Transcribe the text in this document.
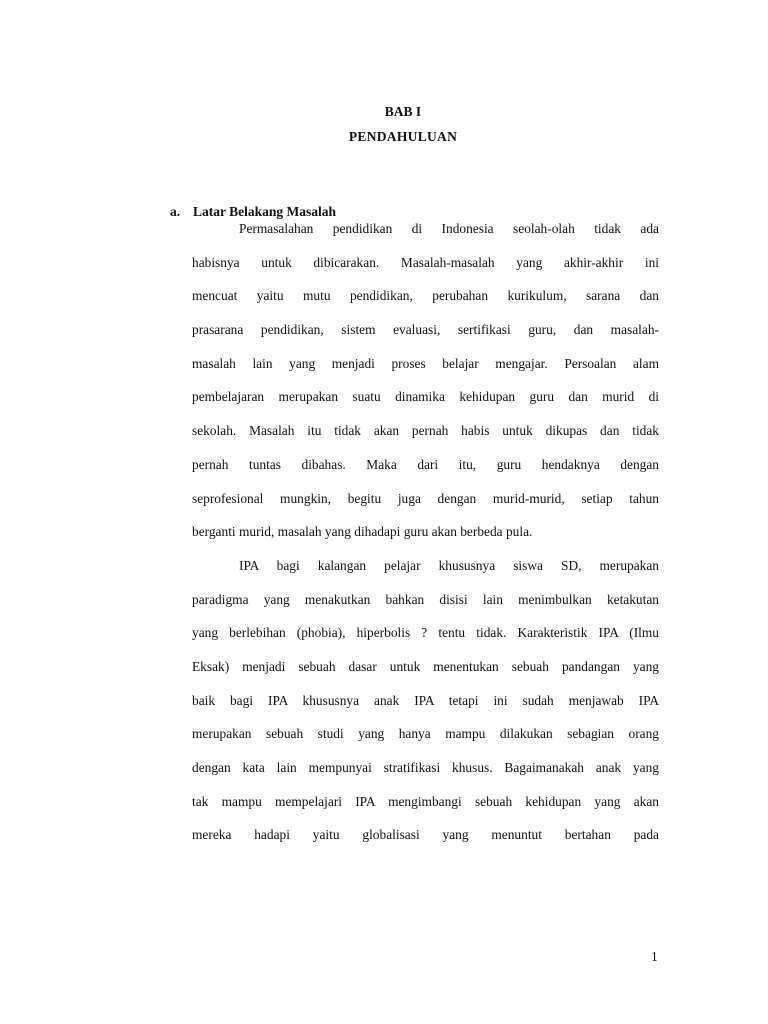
BAB I
PENDAHULUAN
a. Latar Belakang Masalah
Permasalahan pendidikan di Indonesia seolah-olah tidak ada
habisnya untuk dibicarakan. Masalah-masalah yang akhir-akhir ini
mencuat yaitu mutu pendidikan, perubahan kurikulum, sarana dan
prasarana pendidikan, sistem evaluasi, sertifikasi guru, dan masalah-
masalah lain yang menjadi proses belajar mengajar. Persoalan alam
pembelajaran merupakan suatu dinamika kehidupan guru dan murid di
sekolah. Masalah itu tidak akan pernah habis untuk dikupas dan tidak
pernah tuntas dibahas. Maka dari itu, guru hendaknya dengan
seprofesional mungkin, begitu juga dengan murid-murid, setiap tahun
berganti murid, masalah yang dihadapi guru akan berbeda pula.
IPA bagi kalangan pelajar khususnya siswa SD, merupakan
paradigma yang menakutkan bahkan disisi lain menimbulkan ketakutan
yang berlebihan (phobia), hiperbolis ? tentu tidak. Karakteristik IPA (Ilmu
Eksak) menjadi sebuah dasar untuk menentukan sebuah pandangan yang
baik bagi IPA khususnya anak IPA tetapi ini sudah menjawab IPA
merupakan sebuah studi yang hanya mampu dilakukan sebagian orang
dengan kata lain mempunyai stratifikasi khusus. Bagaimanakah anak yang
tak mampu mempelajari IPA mengimbangi sebuah kehidupan yang akan
mereka hadapi yaitu globalisasi yang menuntut bertahan pada
1
